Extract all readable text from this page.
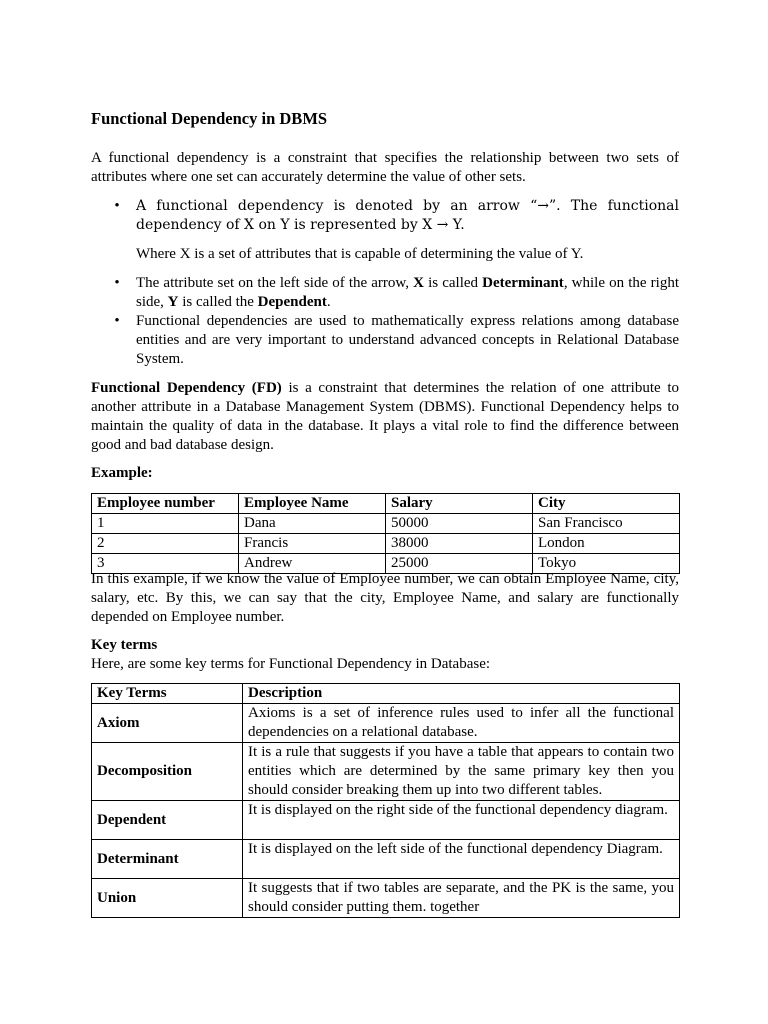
Functional Dependency in DBMS

A functional dependency is a constraint that specifies the relationship between two sets of attributes where one set can accurately determine the value of other sets.

• A functional dependency is denoted by an arrow “→”. The functional dependency of X on Y is represented by X → Y.
Where X is a set of attributes that is capable of determining the value of Y.
• The attribute set on the left side of the arrow, X is called Determinant, while on the right side, Y is called the Dependent.
• Functional dependencies are used to mathematically express relations among database entities and are very important to understand advanced concepts in Relational Database System.

Functional Dependency (FD) is a constraint that determines the relation of one attribute to another attribute in a Database Management System (DBMS). Functional Dependency helps to maintain the quality of data in the database. It plays a vital role to find the difference between good and bad database design.

Example:

Employee number	Employee Name	Salary	City
1	Dana	50000	San Francisco
2	Francis	38000	London
3	Andrew	25000	Tokyo

In this example, if we know the value of Employee number, we can obtain Employee Name, city, salary, etc. By this, we can say that the city, Employee Name, and salary are functionally depended on Employee number.

Key terms

Here, are some key terms for Functional Dependency in Database:

Key Terms	Description
Axiom	Axioms is a set of inference rules used to infer all the functional dependencies on a relational database.
Decomposition	It is a rule that suggests if you have a table that appears to contain two entities which are determined by the same primary key then you should consider breaking them up into two different tables.
Dependent	It is displayed on the right side of the functional dependency diagram.
Determinant	It is displayed on the left side of the functional dependency Diagram.
Union	It suggests that if two tables are separate, and the PK is the same, you should consider putting them. together
